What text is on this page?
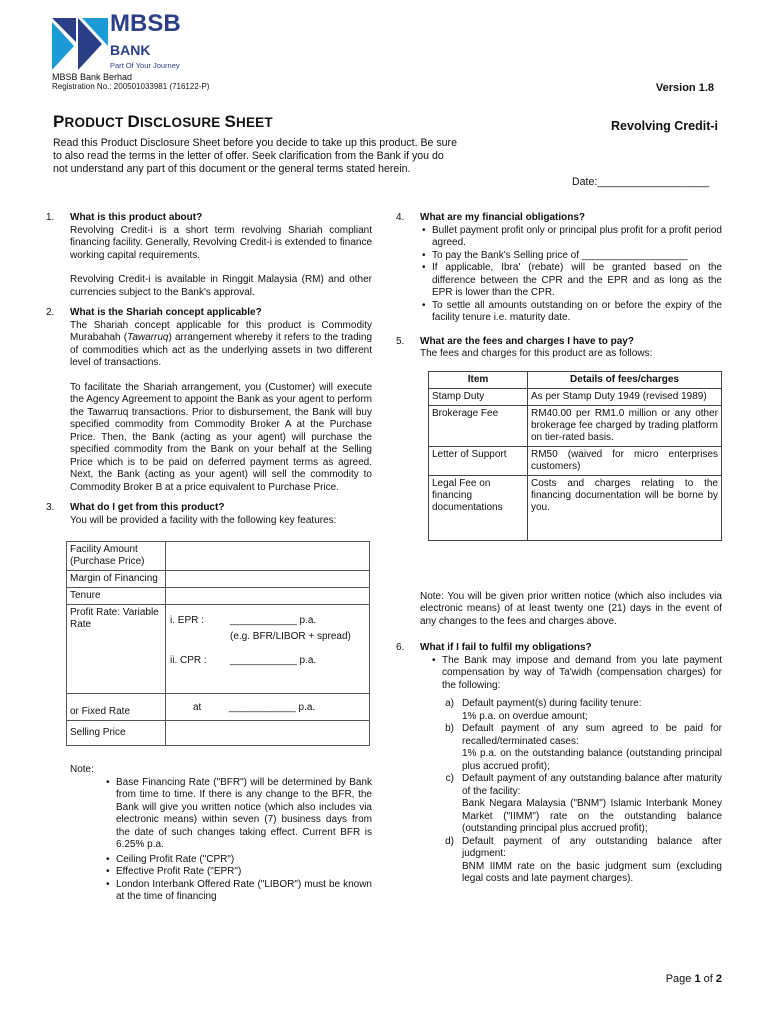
MBSB
BANK
Part Of Your Journey
MBSB Bank Berhad
Registration No.: 200501033981 (716122-P)	Version 1.8
PRODUCT DISCLOSURE SHEET	Revolving Credit-i
Read this Product Disclosure Sheet before you decide to take up this product. Be sure to also read the terms in the letter of offer. Seek clarification from the Bank if you do not understand any part of this document or the general terms stated herein.
Date:___________________
1.	What is this product about?
Revolving Credit-i is a short term revolving Shariah compliant financing facility. Generally, Revolving Credit-i is extended to finance working capital requirements.
Revolving Credit-i is available in Ringgit Malaysia (RM) and other currencies subject to the Bank's approval.
2.	What is the Shariah concept applicable?
The Shariah concept applicable for this product is Commodity Murabahah (Tawarruq) arrangement whereby it refers to the trading of commodities which act as the underlying assets in two different level of transactions.
To facilitate the Shariah arrangement, you (Customer) will execute the Agency Agreement to appoint the Bank as your agent to perform the Tawarruq transactions. Prior to disbursement, the Bank will buy specified commodity from Commodity Broker A at the Purchase Price. Then, the Bank (acting as your agent) will purchase the specified commodity from the Bank on your behalf at the Selling Price which is to be paid on deferred payment terms as agreed. Next, the Bank (acting as your agent) will sell the commodity to Commodity Broker B at a price equivalent to Purchase Price.
3.	What do I get from this product?
You will be provided a facility with the following key features:
Facility Amount (Purchase Price)	
Margin of Financing	
Tenure	
Profit Rate: Variable Rate	i. EPR : ____________ p.a.
(e.g. BFR/LIBOR + spread)
ii. CPR : ____________ p.a.

or Fixed Rate	at ____________ p.a.

Selling Price	
Note:
• Base Financing Rate ("BFR") will be determined by Bank from time to time. If there is any change to the BFR, the Bank will give you written notice (which also includes via electronic means) within seven (7) business days from the date of such changes taking effect. Current BFR is 6.25% p.a.
• Ceiling Profit Rate ("CPR")
• Effective Profit Rate ("EPR")
• London Interbank Offered Rate ("LIBOR") must be known at the time of financing
4.	What are my financial obligations?
• Bullet payment profit only or principal plus profit for a profit period agreed.
• To pay the Bank's Selling price of ___________________
• If applicable, Ibra' (rebate) will be granted based on the difference between the CPR and the EPR and as long as the EPR is lower than the CPR.
• To settle all amounts outstanding on or before the expiry of the facility tenure i.e. maturity date.
5.	What are the fees and charges I have to pay?
The fees and charges for this product are as follows:
Item	Details of fees/charges
Stamp Duty	As per Stamp Duty 1949 (revised 1989)
Brokerage Fee	RM40.00 per RM1.0 million or any other brokerage fee charged by trading platform on tier-rated basis.
Letter of Support	RM50 (waived for micro enterprises customers)
Legal Fee on financing documentations	Costs and charges relating to the financing documentation will be borne by you.
Note: You will be given prior written notice (which also includes via electronic means) of at least twenty one (21) days in the event of any changes to the fees and charges above.
6.	What if I fail to fulfil my obligations?
• The Bank may impose and demand from you late payment compensation by way of Ta'widh (compensation charges) for the following:
a) Default payment(s) during facility tenure:
1% p.a. on overdue amount;
b) Default payment of any sum agreed to be paid for recalled/terminated cases:
1% p.a. on the outstanding balance (outstanding principal plus accrued profit);
c) Default payment of any outstanding balance after maturity of the facility:
Bank Negara Malaysia ("BNM") Islamic Interbank Money Market ("IIMM") rate on the outstanding balance (outstanding principal plus accrued profit);
d) Default payment of any outstanding balance after judgment:
BNM IIMM rate on the basic judgment sum (excluding legal costs and late payment charges).
Page 1 of 2
